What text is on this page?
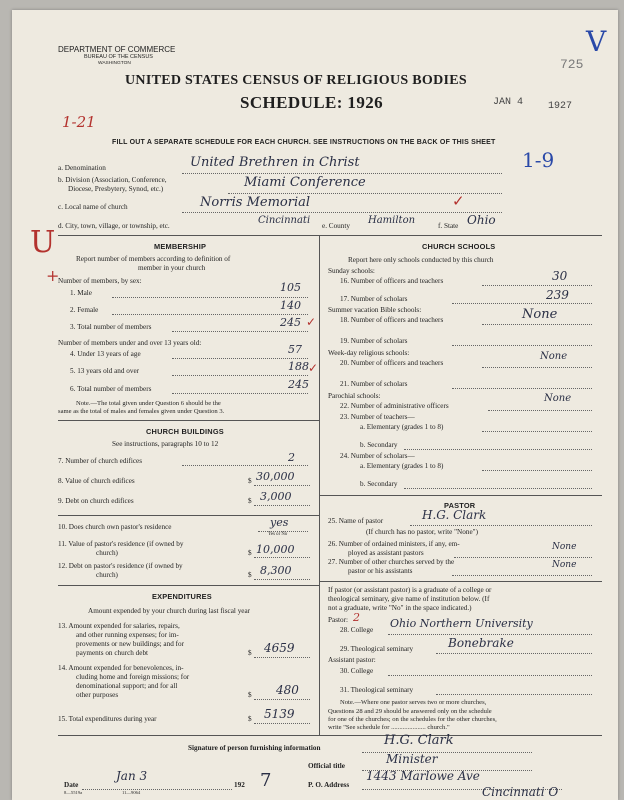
DEPARTMENT OF COMMERCE
BUREAU OF THE CENSUS
WASHINGTON
UNITED STATES CENSUS OF RELIGIOUS BODIES
SCHEDULE: 1926	JAN 4 1927
725
V
1-21
U
+
FILL OUT A SEPARATE SCHEDULE FOR EACH CHURCH. SEE INSTRUCTIONS ON THE BACK OF THIS SHEET
a. Denomination	United Brethren in Christ	1-9
b. Division (Association, Conference,
Diocese, Presbytery, Synod, etc.)	Miami Conference
c. Local name of church	Norris Memorial	✓
d. City, town, village, or township, etc.	Cincinnati e. County Hamilton	f. State Ohio
MEMBERSHIP
Report number of members according to definition of
member in your church
Number of members, by sex:
1. Male	105
2. Female	140
3. Total number of members	245 ✓
Number of members under and over 13 years old:
4. Under 13 years of age	57
5. 13 years old and over	188 ✓
6. Total number of members	245
Note.—The total given under Question 6 should be the
same as the total of males and females given under Question 3.
CHURCH BUILDINGS
See instructions, paragraphs 10 to 12
7. Number of church edifices	2
8. Value of church edifices	$ 30,000
9. Debt on church edifices	$ 3,000
10. Does church own pastor's residence	yes
Yes or No
11. Value of pastor's residence (if owned by
church)	$ 10,000
12. Debt on pastor's residence (if owned by
church)	$ 8,300
EXPENDITURES
Amount expended by your church during last fiscal year
13. Amount expended for salaries, repairs,
and other running expenses; for im-
provements or new buildings; and for
payments on church debt	$ 4659
14. Amount expended for benevolences, in-
cluding home and foreign missions; for
denominational support; and for all
other purposes	$ 480
15. Total expenditures during year	$ 5139
CHURCH SCHOOLS
Report here only schools conducted by this church
Sunday schools:
16. Number of officers and teachers	30
17. Number of scholars	239
Summer vacation Bible schools:
18. Number of officers and teachers	None
19. Number of scholars
Week-day religious schools:
20. Number of officers and teachers
None
21. Number of scholars
Parochial schools:
22. Number of administrative officers
None
23. Number of teachers—
a. Elementary (grades 1 to 8)
b. Secondary
24. Number of scholars—
a. Elementary (grades 1 to 8)
b. Secondary
PASTOR
25. Name of pastor	H.G. Clark
(If church has no pastor, write "None")
26. Number of ordained ministers, if any, em-
ployed as assistant pastors
None
27. Number of other churches served by the
pastor or his assistants
None
If pastor (or assistant pastor) is a graduate of a college or
theological seminary, give name of institution below. (If
not a graduate, write "No" in the space indicated.)
Pastor: 2
28. College Ohio Northern University
29. Theological seminary	Bonebrake
Assistant pastor:
30. College
31. Theological seminary
Note.—Where one pastor serves two or more churches,
Questions 28 and 29 should be answered only on the schedule
for one of the churches; on the schedules for the other churches,
write "See schedule for ..................... church."
Signature of person furnishing information	H.G. Clark
Official title	Minister
Date
Jan 3
192 7
8—5519a	11—9064
P. O. Address
1443 Marlowe Ave
Cincinnati O
